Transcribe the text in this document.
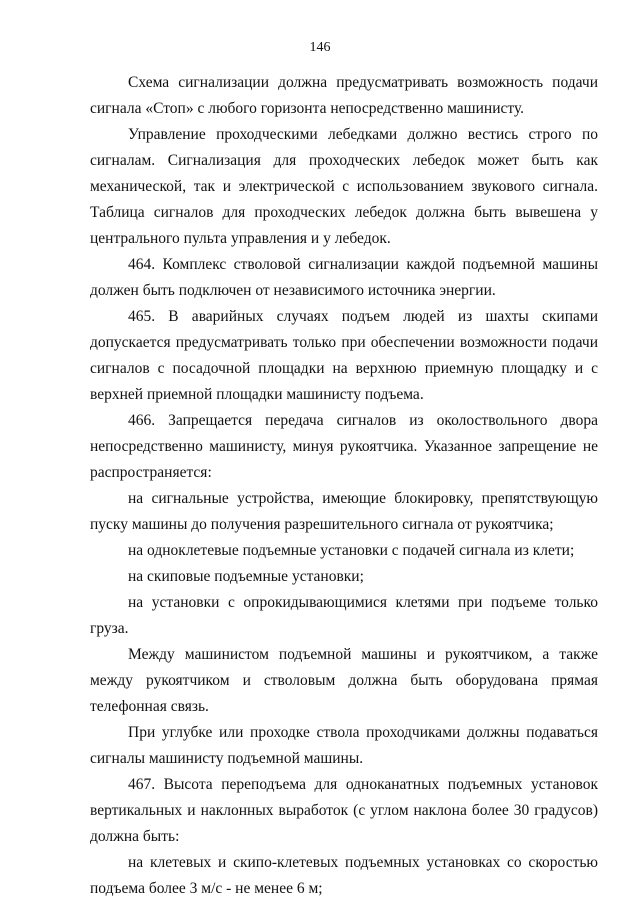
146

Схема сигнализации должна предусматривать возможность подачи сигнала «Стоп» с любого горизонта непосредственно машинисту.

Управление проходческими лебедками должно вестись строго по сигналам. Сигнализация для проходческих лебедок может быть как механической, так и электрической с использованием звукового сигнала. Таблица сигналов для проходческих лебедок должна быть вывешена у центрального пульта управления и у лебедок.

464. Комплекс стволовой сигнализации каждой подъемной машины должен быть подключен от независимого источника энергии.

465. В аварийных случаях подъем людей из шахты скипами допускается предусматривать только при обеспечении возможности подачи сигналов с посадочной площадки на верхнюю приемную площадку и с верхней приемной площадки машинисту подъема.

466. Запрещается передача сигналов из околоствольного двора непосредственно машинисту, минуя рукоятчика. Указанное запрещение не распространяется:

на сигнальные устройства, имеющие блокировку, препятствующую пуску машины до получения разрешительного сигнала от рукоятчика;

на одноклетевые подъемные установки с подачей сигнала из клети;

на скиповые подъемные установки;

на установки с опрокидывающимися клетями при подъеме только груза.

Между машинистом подъемной машины и рукоятчиком, а также между рукоятчиком и стволовым должна быть оборудована прямая телефонная связь.

При углубке или проходке ствола проходчиками должны подаваться сигналы машинисту подъемной машины.

467. Высота переподъема для одноканатных подъемных установок вертикальных и наклонных выработок (с углом наклона более 30 градусов) должна быть:

на клетевых и скипо-клетевых подъемных установках со скоростью подъема более 3 м/с - не менее 6 м;
